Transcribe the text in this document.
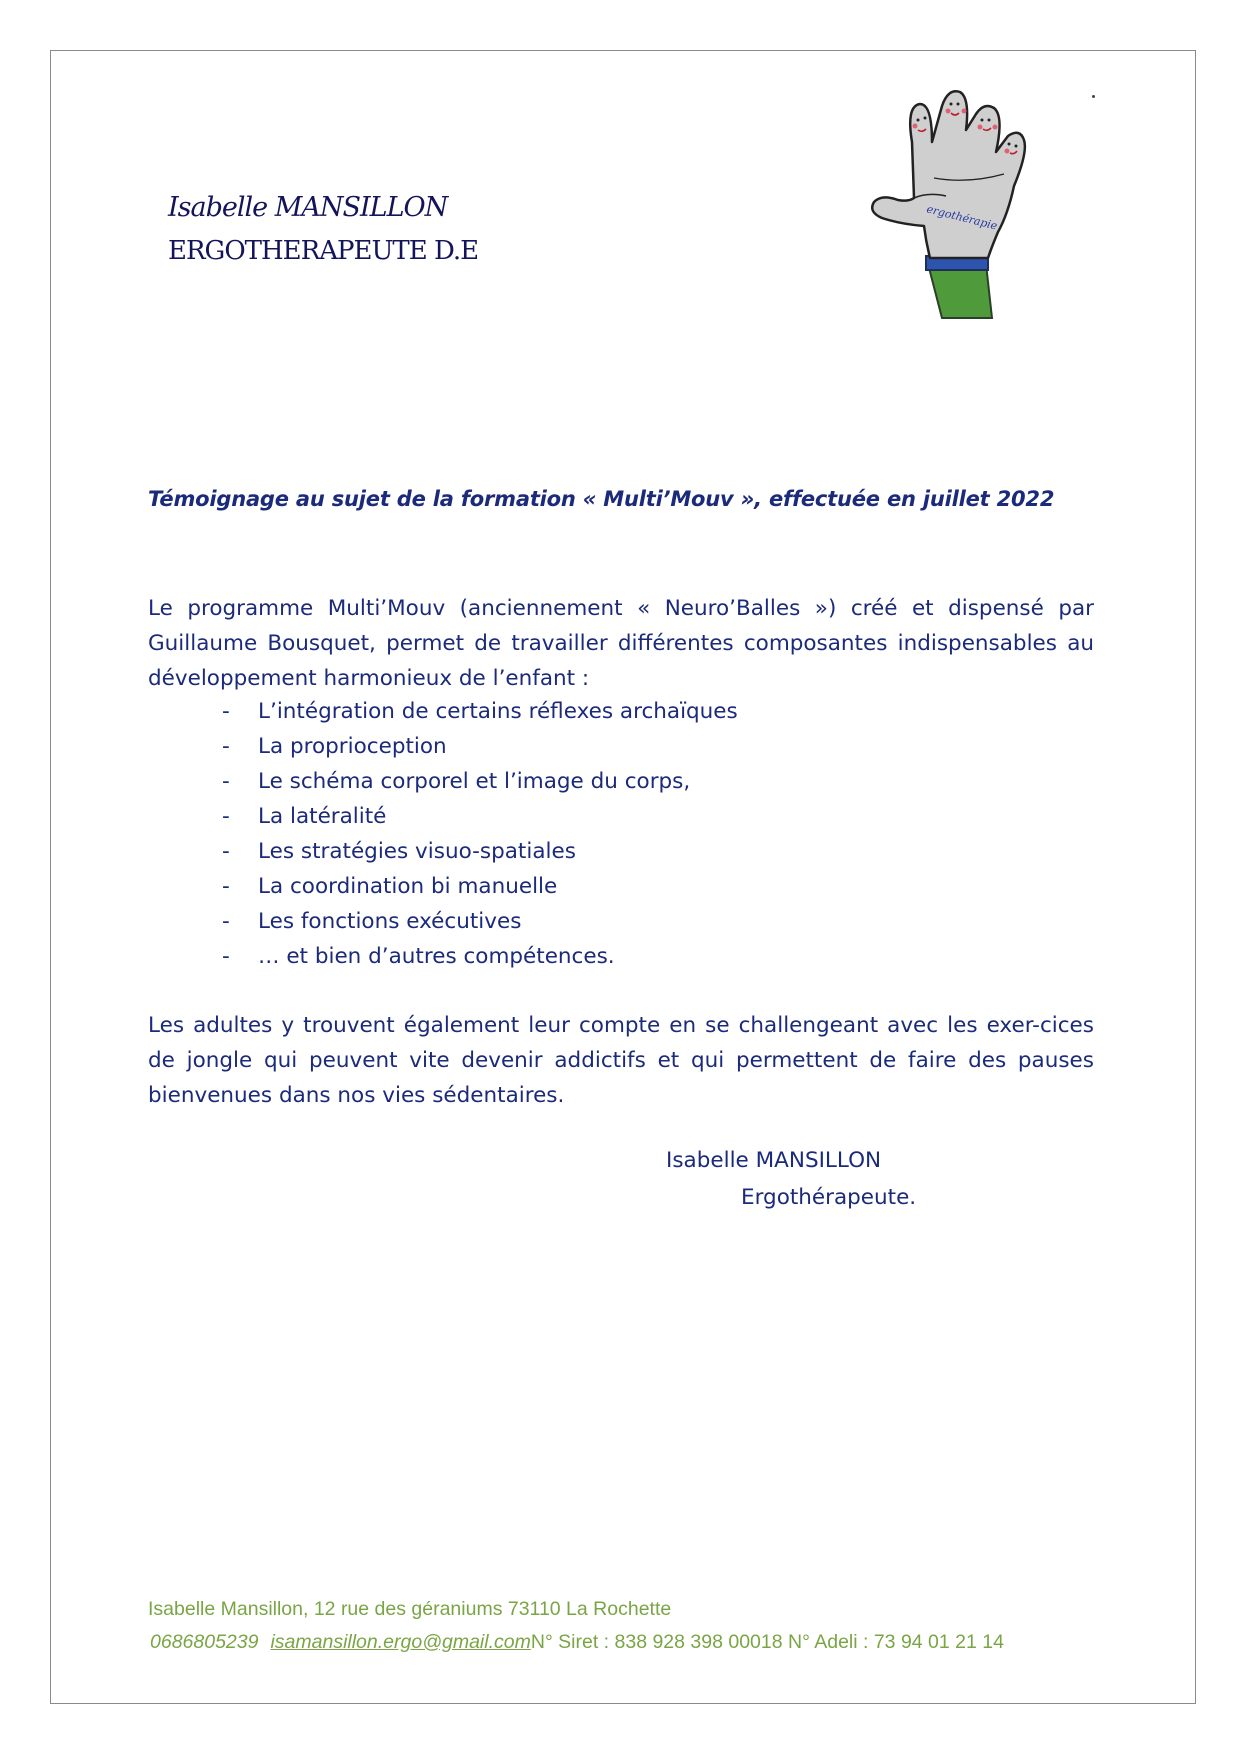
Isabelle MANSILLON
ERGOTHERAPEUTE D.E
ergothérapie
Témoignage au sujet de la formation « Multi’Mouv », effectuée en juillet 2022

Le programme Multi’Mouv (anciennement « Neuro’Balles ») créé et dispensé par Guillaume Bousquet, permet de travailler différentes composantes indispensables au développement harmonieux de l’enfant :

- L’intégration de certains réflexes archaïques
- La proprioception
- Le schéma corporel et l’image du corps,
- La latéralité
- Les stratégies visuo-spatiales
- La coordination bi manuelle
- Les fonctions exécutives
- … et bien d’autres compétences.

Les adultes y trouvent également leur compte en se challengeant avec les exer-cices de jongle qui peuvent vite devenir addictifs et qui permettent de faire des pauses bienvenues dans nos vies sédentaires.

Isabelle MANSILLON
Ergothérapeute.
Isabelle Mansillon, 12 rue des géraniums 73110 La Rochette
0686805239 isamansillon.ergo@gmail.comN° Siret : 838 928 398 00018 N° Adeli : 73 94 01 21 14
